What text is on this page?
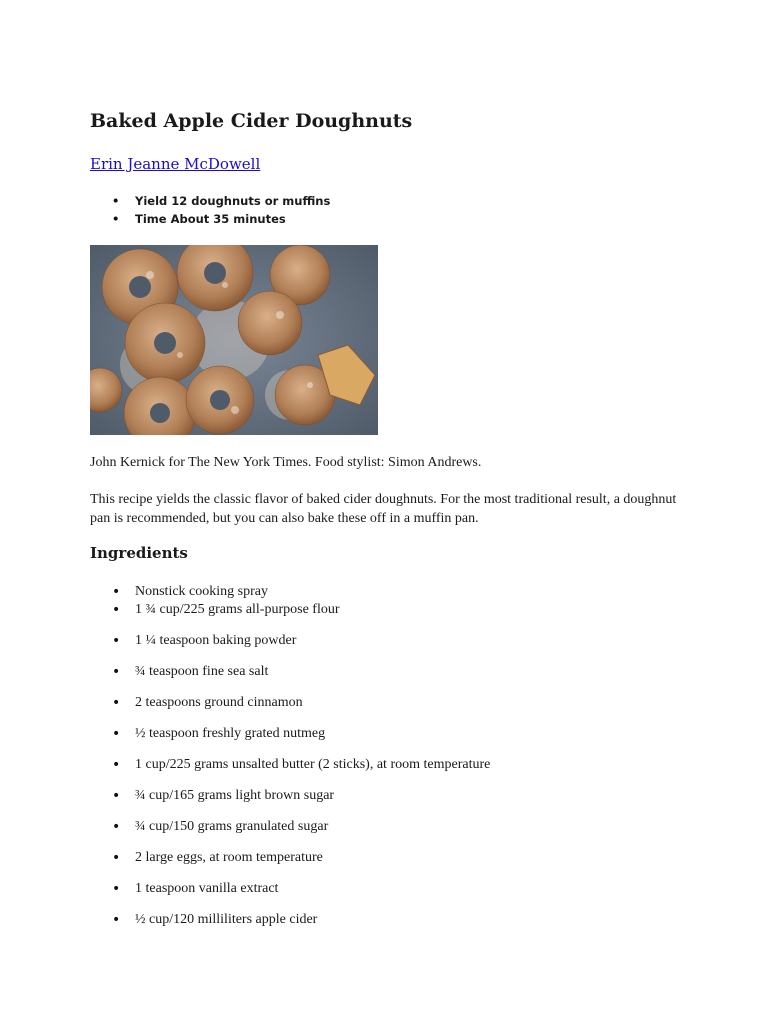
Baked Apple Cider Doughnuts
Erin Jeanne McDowell
• Yield 12 doughnuts or muffins
• Time About 35 minutes
John Kernick for The New York Times. Food stylist: Simon Andrews.

This recipe yields the classic flavor of baked cider doughnuts. For the most traditional result, a doughnut pan is recommended, but you can also bake these off in a muffin pan.

Ingredients
• Nonstick cooking spray
• 1 ¾ cup/225 grams all-purpose flour
• 1 ¼ teaspoon baking powder
• ¾ teaspoon fine sea salt
• 2 teaspoons ground cinnamon
• ½ teaspoon freshly grated nutmeg
• 1 cup/225 grams unsalted butter (2 sticks), at room temperature
• ¾ cup/165 grams light brown sugar
• ¾ cup/150 grams granulated sugar
• 2 large eggs, at room temperature
• 1 teaspoon vanilla extract
• ½ cup/120 milliliters apple cider
